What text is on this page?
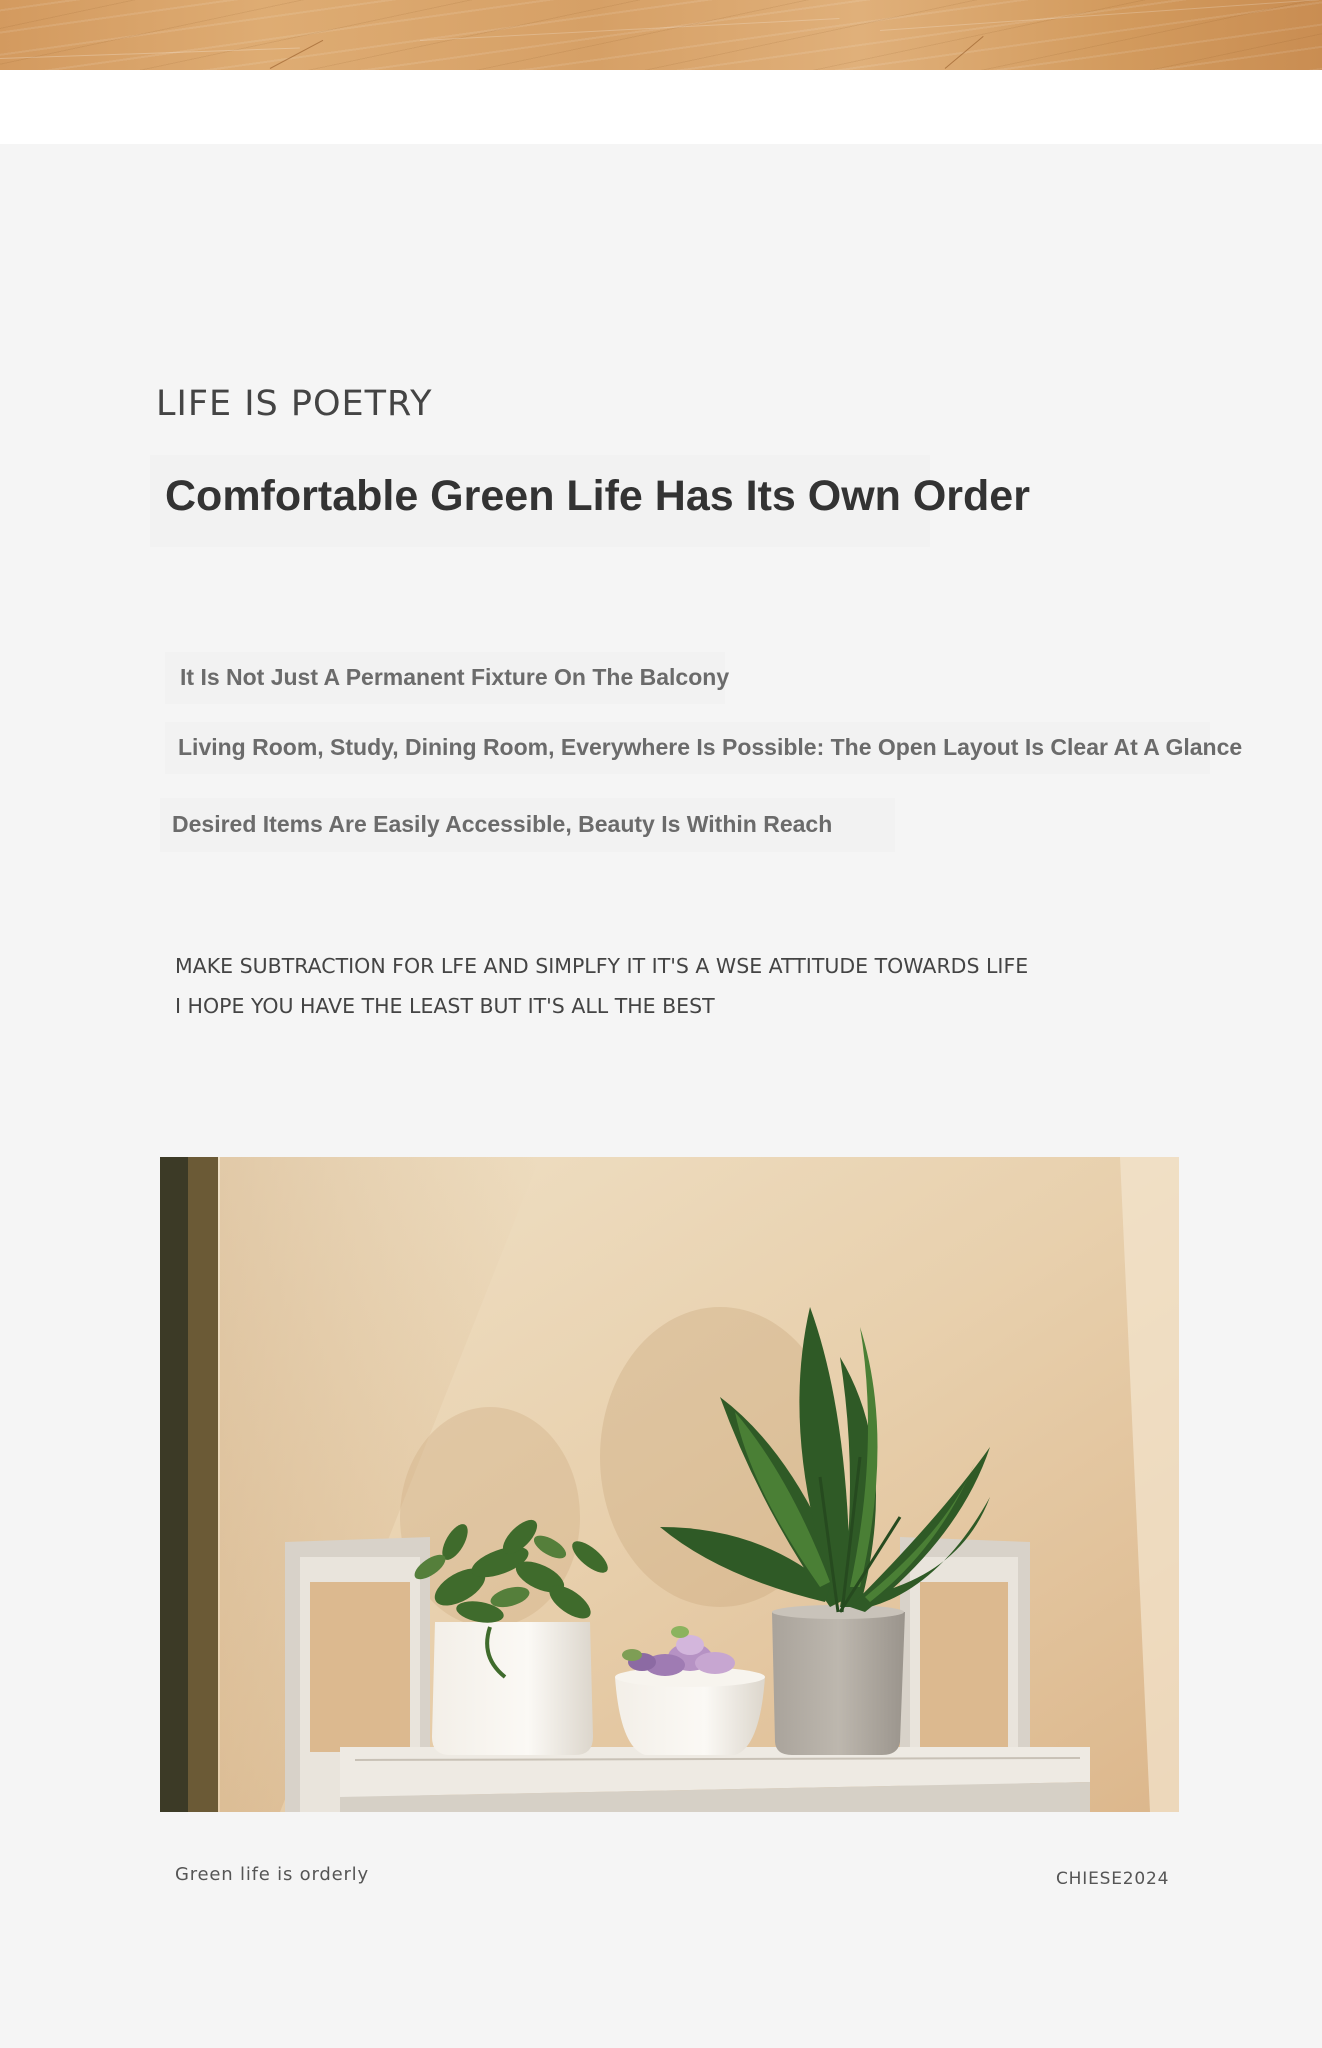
LIFE IS POETRY
Comfortable Green Life Has Its Own Order

It Is Not Just A Permanent Fixture On The Balcony

Living Room, Study, Dining Room, Everywhere Is Possible: The Open Layout Is Clear At A Glance

Desired Items Are Easily Accessible, Beauty Is Within Reach

MAKE SUBTRACTION FOR LFE AND SIMPLFY IT IT'S A WSE ATTITUDE TOWARDS LIFE

I HOPE YOU HAVE THE LEAST BUT IT'S ALL THE BEST

Green life is orderly	CHIESE2024
